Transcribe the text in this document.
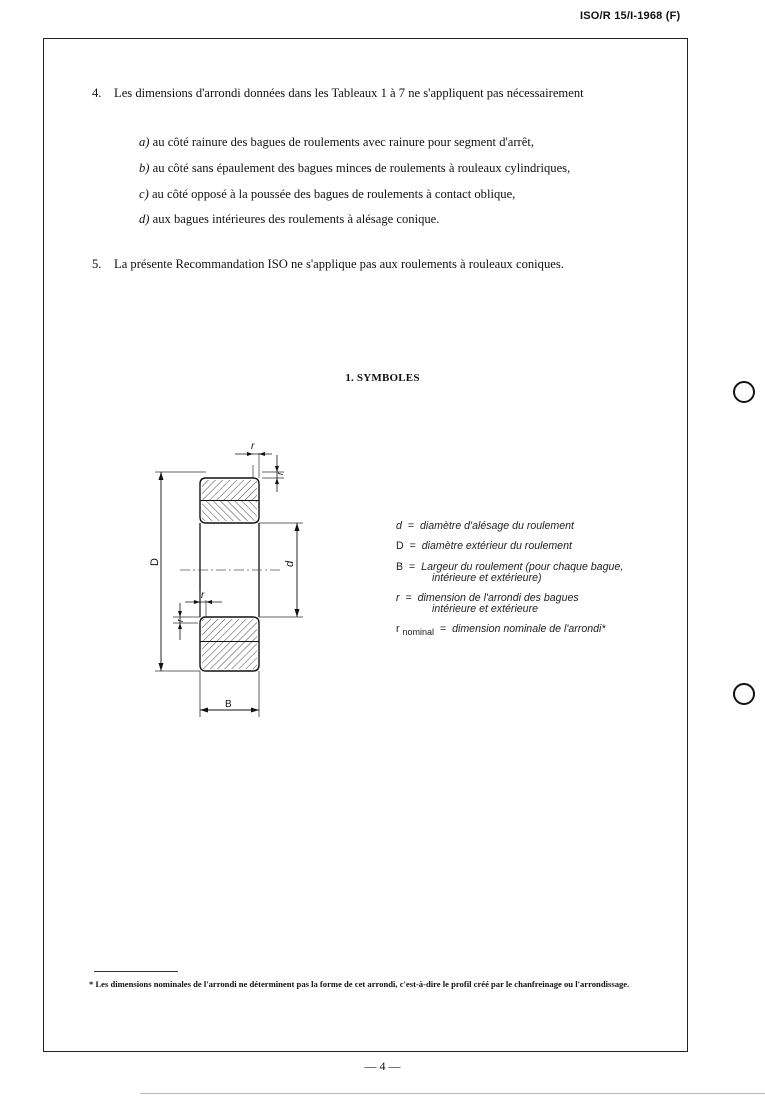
ISO/R 15/I-1968 (F)
4. Les dimensions d'arrondi données dans les Tableaux 1 à 7 ne s'appliquent pas nécessairement
a) au côté rainure des bagues de roulements avec rainure pour segment d'arrêt,
b) au côté sans épaulement des bagues minces de roulements à rouleaux cylindriques,
c) au côté opposé à la poussée des bagues de roulements à contact oblique,
d) aux bagues intérieures des roulements à alésage conique.
5. La présente Recommandation ISO ne s'applique pas aux roulements à rouleaux coniques.
1. SYMBOLES
r
r
r
r
D	d
B
d = diamètre d'alésage du roulement
D = diamètre extérieur du roulement
B = Largeur du roulement (pour chaque bague,
intérieure et extérieure)
r = dimension de l'arrondi des bagues
intérieure et extérieure
r $_{nominal}$ = dimension nominale de l'arrondi*
* Les dimensions nominales de l'arrondi ne déterminent pas la forme de cet arrondi, c'est-à-dire le profil créé par le chanfreinage ou l'arrondissage.
— 4 —
